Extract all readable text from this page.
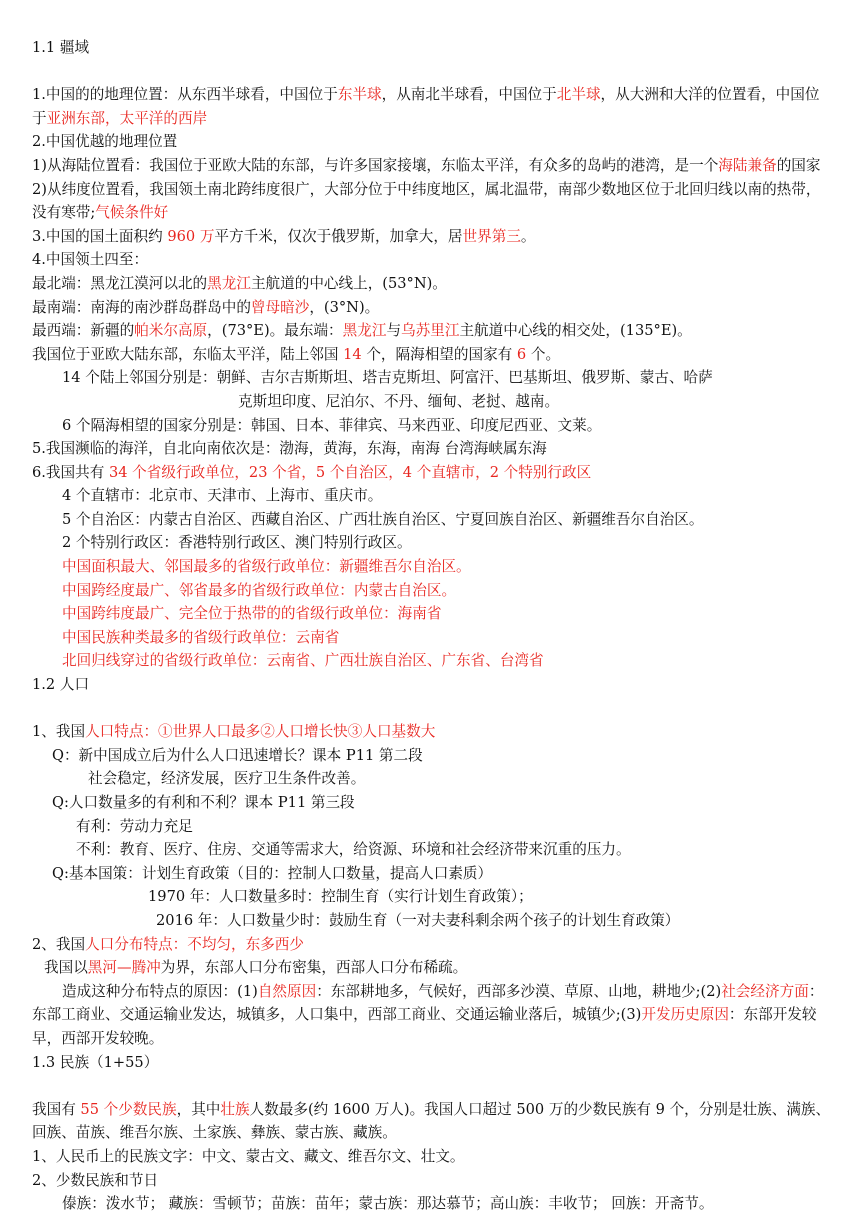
1.1 疆域

1.中国的的地理位置：从东西半球看，中国位于东半球，从南北半球看，中国位于北半球，从大洲和大洋的位置看，中国位于亚洲东部，太平洋的西岸

2.中国优越的地理位置

1)从海陆位置看：我国位于亚欧大陆的东部，与许多国家接壤，东临太平洋，有众多的岛屿的港湾，是一个海陆兼备的国家

2)从纬度位置看，我国领土南北跨纬度很广，大部分位于中纬度地区，属北温带，南部少数地区位于北回归线以南的热带，没有寒带;气候条件好

3.中国的国土面积约 960 万平方千米，仅次于俄罗斯，加拿大，居世界第三。

4.中国领土四至：

最北端：黑龙江漠河以北的黑龙江主航道的中心线上，(53°N)。

最南端：南海的南沙群岛群岛中的曾母暗沙，(3°N)。

最西端：新疆的帕米尔高原，(73°E)。最东端：黑龙江与乌苏里江主航道中心线的相交处，(135°E)。

我国位于亚欧大陆东部，东临太平洋，陆上邻国 14 个，隔海相望的国家有 6 个。

14 个陆上邻国分别是：朝鲜、吉尔吉斯斯坦、塔吉克斯坦、阿富汗、巴基斯坦、俄罗斯、蒙古、哈萨

克斯坦印度、尼泊尔、不丹、缅甸、老挝、越南。

6 个隔海相望的国家分别是：韩国、日本、菲律宾、马来西亚、印度尼西亚、文莱。

5.我国濒临的海洋，自北向南依次是：渤海，黄海，东海，南海 台湾海峡属东海

6.我国共有 34 个省级行政单位，23 个省，5 个自治区，4 个直辖市，2 个特别行政区

4 个直辖市：北京市、天津市、上海市、重庆市。

5 个自治区：内蒙古自治区、西藏自治区、广西壮族自治区、宁夏回族自治区、新疆维吾尔自治区。

2 个特别行政区：香港特别行政区、澳门特别行政区。

中国面积最大、邻国最多的省级行政单位：新疆维吾尔自治区。

中国跨经度最广、邻省最多的省级行政单位：内蒙古自治区。

中国跨纬度最广、完全位于热带的的省级行政单位：海南省

中国民族种类最多的省级行政单位：云南省

北回归线穿过的省级行政单位：云南省、广西壮族自治区、广东省、台湾省

1.2 人口

1、我国人口特点：①世界人口最多②人口增长快③人口基数大

Q：新中国成立后为什么人口迅速增长？课本 P11 第二段

社会稳定，经济发展，医疗卫生条件改善。

Q:人口数量多的有利和不利？课本 P11 第三段

有利：劳动力充足

不利：教育、医疗、住房、交通等需求大，给资源、环境和社会经济带来沉重的压力。

Q:基本国策：计划生育政策（目的：控制人口数量，提高人口素质）

1970 年：人口数量多时：控制生育（实行计划生育政策）；

2016 年：人口数量少时：鼓励生育（一对夫妻科剩余两个孩子的计划生育政策）

2、我国人口分布特点：不均匀，东多西少

我国以黑河—腾冲为界，东部人口分布密集，西部人口分布稀疏。

造成这种分布特点的原因：(1)自然原因：东部耕地多，气候好，西部多沙漠、草原、山地，耕地少;(2)社会经济方面：东部工商业、交通运输业发达，城镇多，人口集中，西部工商业、交通运输业落后，城镇少;(3)开发历史原因：东部开发较早，西部开发较晚。

1.3 民族（1+55）

我国有 55 个少数民族，其中壮族人数最多(约 1600 万人)。我国人口超过 500 万的少数民族有 9 个，分别是壮族、满族、回族、苗族、维吾尔族、土家族、彝族、蒙古族、藏族。

1、人民币上的民族文字：中文、蒙古文、藏文、维吾尔文、壮文。

2、少数民族和节日

傣族：泼水节； 藏族：雪顿节；苗族：苗年；蒙古族：那达慕节；高山族：丰收节； 回族：开斋节。
